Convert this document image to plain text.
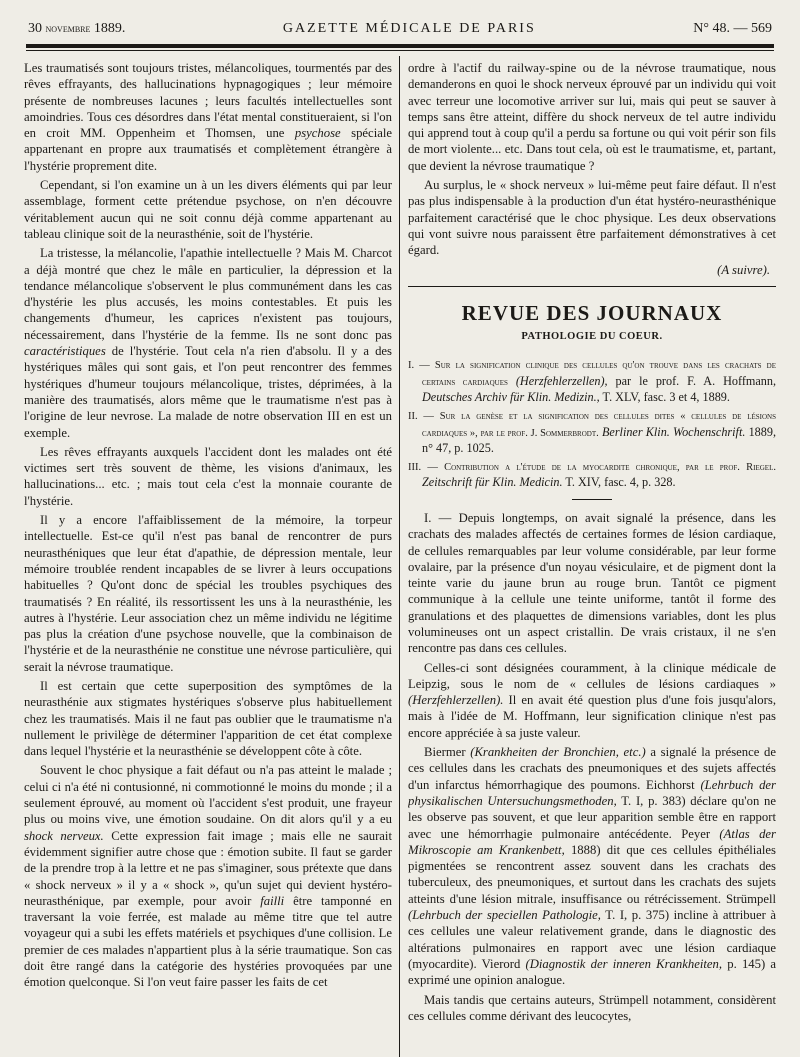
30 novembre 1889.	GAZETTE MÉDICALE DE PARIS	N° 48. — 569

Les traumatisés sont toujours tristes, mélancoliques, tourmentés par des rêves effrayants, des hallucinations hypnagogiques ; leur mémoire présente de nombreuses lacunes ; leurs facultés intellectuelles sont amoindries. Tous ces désordres dans l'état mental constitueraient, si l'on en croit MM. Oppenheim et Thomsen, une psychose spéciale appartenant en propre aux traumatisés et complètement étrangère à l'hystérie proprement dite.

Cependant, si l'on examine un à un les divers éléments qui par leur assemblage, forment cette prétendue psychose, on n'en découvre véritablement aucun qui ne soit connu déjà comme appartenant au tableau clinique soit de la neurasthénie, soit de l'hystérie.

La tristesse, la mélancolie, l'apathie intellectuelle ? Mais M. Charcot a déjà montré que chez le mâle en particulier, la dépression et la tendance mélancolique s'observent le plus communément dans les cas d'hystérie les plus accusés, les moins contestables. Et puis les changements d'humeur, les caprices n'existent pas toujours, nécessairement, dans l'hystérie de la femme. Ils ne sont donc pas caractéristiques de l'hystérie. Tout cela n'a rien d'absolu. Il y a des hystériques mâles qui sont gais, et l'on peut rencontrer des femmes hystériques d'humeur toujours mélancolique, tristes, déprimées, à la manière des traumatisés, alors même que le traumatisme n'est pas à l'origine de leur nevrose. La malade de notre observation III en est un exemple.

Les rêves effrayants auxquels l'accident dont les malades ont été victimes sert très souvent de thème, les visions d'animaux, les hallucinations... etc. ; mais tout cela c'est la monnaie courante de l'hystérie.

Il y a encore l'affaiblissement de la mémoire, la torpeur intellectuelle. Est-ce qu'il n'est pas banal de rencontrer de purs neurasthéniques que leur état d'apathie, de dépression mentale, leur mémoire troublée rendent incapables de se livrer à leurs occupations habituelles ? Qu'ont donc de spécial les troubles psychiques des traumatisés ? En réalité, ils ressortissent les uns à la neurasthénie, les autres à l'hystérie. Leur association chez un même individu ne légitime pas plus la création d'une psychose nouvelle, que la combinaison de l'hystérie et de la neurasthénie ne constitue une névrose particulière, qui serait la névrose traumatique.

Il est certain que cette superposition des symptômes de la neurasthénie aux stigmates hystériques s'observe plus habituellement chez les traumatisés. Mais il ne faut pas oublier que le traumatisme n'a nullement le privilège de déterminer l'apparition de cet état complexe dans lequel l'hystérie et la neurasthénie se développent côte à côte.

Souvent le choc physique a fait défaut ou n'a pas atteint le malade ; celui ci n'a été ni contusionné, ni commotionné le moins du monde ; il a seulement éprouvé, au moment où l'accident s'est produit, une frayeur plus ou moins vive, une émotion soudaine. On dit alors qu'il y a eu shock nerveux. Cette expression fait image ; mais elle ne saurait évidemment signifier autre chose que : émotion subite. Il faut se garder de la prendre trop à la lettre et ne pas s'imaginer, sous prétexte que dans « shock nerveux » il y a « shock », qu'un sujet qui devient hystéro-neurasthénique, par exemple, pour avoir failli être tamponné en traversant la voie ferrée, est malade au même titre que tel autre voyageur qui a subi les effets matériels et psychiques d'une collision. Le premier de ces malades n'appartient plus à la série traumatique. Son cas doit être rangé dans la catégorie des hystéries provoquées par une émotion quelconque. Si l'on veut faire passer les faits de cet

ordre à l'actif du railway-spine ou de la névrose traumatique, nous demanderons en quoi le shock nerveux éprouvé par un individu qui voit avec terreur une locomotive arriver sur lui, mais qui peut se sauver à temps sans être atteint, diffère du shock nerveux de tel autre individu qui apprend tout à coup qu'il a perdu sa fortune ou qui voit périr son fils de mort violente... etc. Dans tout cela, où est le traumatisme, et, partant, que devient la névrose traumatique ?

Au surplus, le « shock nerveux » lui-même peut faire défaut. Il n'est pas plus indispensable à la production d'un état hystéro-neurasthénique parfaitement caractérisé que le choc physique. Les deux observations qui vont suivre nous paraissent être parfaitement démonstratives à cet égard.

(A suivre).
REVUE DES JOURNAUX
PATHOLOGIE DU COEUR.
I. — Sur la signification clinique des cellules qu'on trouve dans les crachats de certains cardiaques (Herzfehlerzellen), par le prof. F. A. Hoffmann, Deutsches Archiv für Klin. Medizin., T. XLV, fasc. 3 et 4, 1889.
II. — Sur la genèse et la signification des cellules dites « cellules de lésions cardiaques », par le prof. J. Sommerbrodt. Berliner Klin. Wochenschrift. 1889, n° 47, p. 1025.
III. — Contribution a l'étude de la myocardite chronique, par le prof. Riegel. Zeitschrift für Klin. Medicin. T. XIV, fasc. 4, p. 328.

I. — Depuis longtemps, on avait signalé la présence, dans les crachats des malades affectés de certaines formes de lésion cardiaque, de cellules remarquables par leur volume considérable, par leur forme ovalaire, par la présence d'un noyau vésiculaire, et de pigment dont la teinte varie du jaune brun au rouge brun. Tantôt ce pigment communique à la cellule une teinte uniforme, tantôt il forme des granulations et des plaquettes de dimensions variables, dont les plus volumineuses ont un aspect cristallin. De vrais cristaux, il ne s'en rencontre pas dans ces cellules.

Celles-ci sont désignées couramment, à la clinique médicale de Leipzig, sous le nom de « cellules de lésions cardiaques » (Herzfehlerzellen). Il en avait été question plus d'une fois jusqu'alors, mais à l'idée de M. Hoffmann, leur signification clinique n'est pas encore appréciée à sa juste valeur.

Biermer (Krankheiten der Bronchien, etc.) a signalé la présence de ces cellules dans les crachats des pneumoniques et des sujets affectés d'un infarctus hémorrhagique des poumons. Eichhorst (Lehrbuch der physikalischen Untersuchungsmethoden, T. I, p. 383) déclare qu'on ne les observe pas souvent, et que leur apparition semble être en rapport avec une hémorrhagie pulmonaire antécédente. Peyer (Atlas der Mikroscopie am Krankenbett, 1888) dit que ces cellules épithéliales pigmentées se rencontrent assez souvent dans les crachats des tuberculeux, des pneumoniques, et surtout dans les crachats des sujets atteints d'une lésion mitrale, insuffisance ou rétrécissement. Strümpell (Lehrbuch der speciellen Pathologie, T. I, p. 375) incline à attribuer à ces cellules une valeur relativement grande, dans le diagnostic des altérations pulmonaires en rapport avec une lésion cardiaque (myocardite). Vierord (Diagnostik der inneren Krankheiten, p. 145) a exprimé une opinion analogue.

Mais tandis que certains auteurs, Strümpell notamment, considèrent ces cellules comme dérivant des leucocytes,
